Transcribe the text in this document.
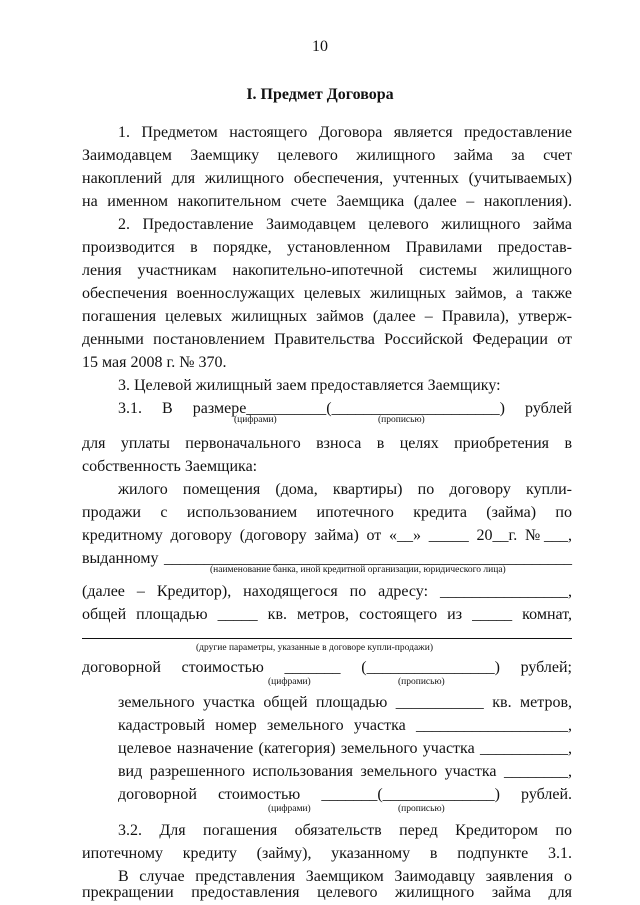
10
I. Предмет Договора
1. Предметом настоящего Договора является предоставление
Заимодавцем Заемщику целевого жилищного займа за счет
накоплений для жилищного обеспечения, учтенных (учитываемых)
на именном накопительном счете Заемщика (далее – накопления).
2. Предоставление Заимодавцем целевого жилищного займа
производится в порядке, установленном Правилами предостав-
ления участникам накопительно-ипотечной системы жилищного
обеспечения военнослужащих целевых жилищных займов, а также
погашения целевых жилищных займов (далее – Правила), утверж-
денными постановлением Правительства Российской Федерации от
15 мая 2008 г. № 370.
3. Целевой жилищный заем предоставляется Заемщику:
3.1. В размере__________(_____________________) рублей
(цифрами)	(прописью)
для уплаты первоначального взноса в целях приобретения в
собственность Заемщика:
жилого помещения (дома, квартиры) по договору купли-
продажи с использованием ипотечного кредита (займа) по
кредитному договору (договору займа) от «__» _____ 20__г. №___,
выданному ___________________________________________________
(наименование банка, иной кредитной организации, юридического лица)
(далее – Кредитор), находящегося по адресу: ________________,
общей площадью _____ кв. метров, состоящего из _____ комнат,
(другие параметры, указанные в договоре купли-продажи)
договорной стоимостью _______ (________________) рублей;
(цифрами)	(прописью)
земельного участка общей площадью ___________ кв. метров,
кадастровый номер земельного участка ___________________,
целевое назначение (категория) земельного участка ___________,
вид разрешенного использования земельного участка ________,
договорной стоимостью _______(______________) рублей.
(цифрами)	(прописью)
3.2. Для погашения обязательств перед Кредитором по
ипотечному кредиту (займу), указанному в подпункте 3.1.
В случае представления Заемщиком Заимодавцу заявления о
прекращении предоставления целевого жилищного займа для
